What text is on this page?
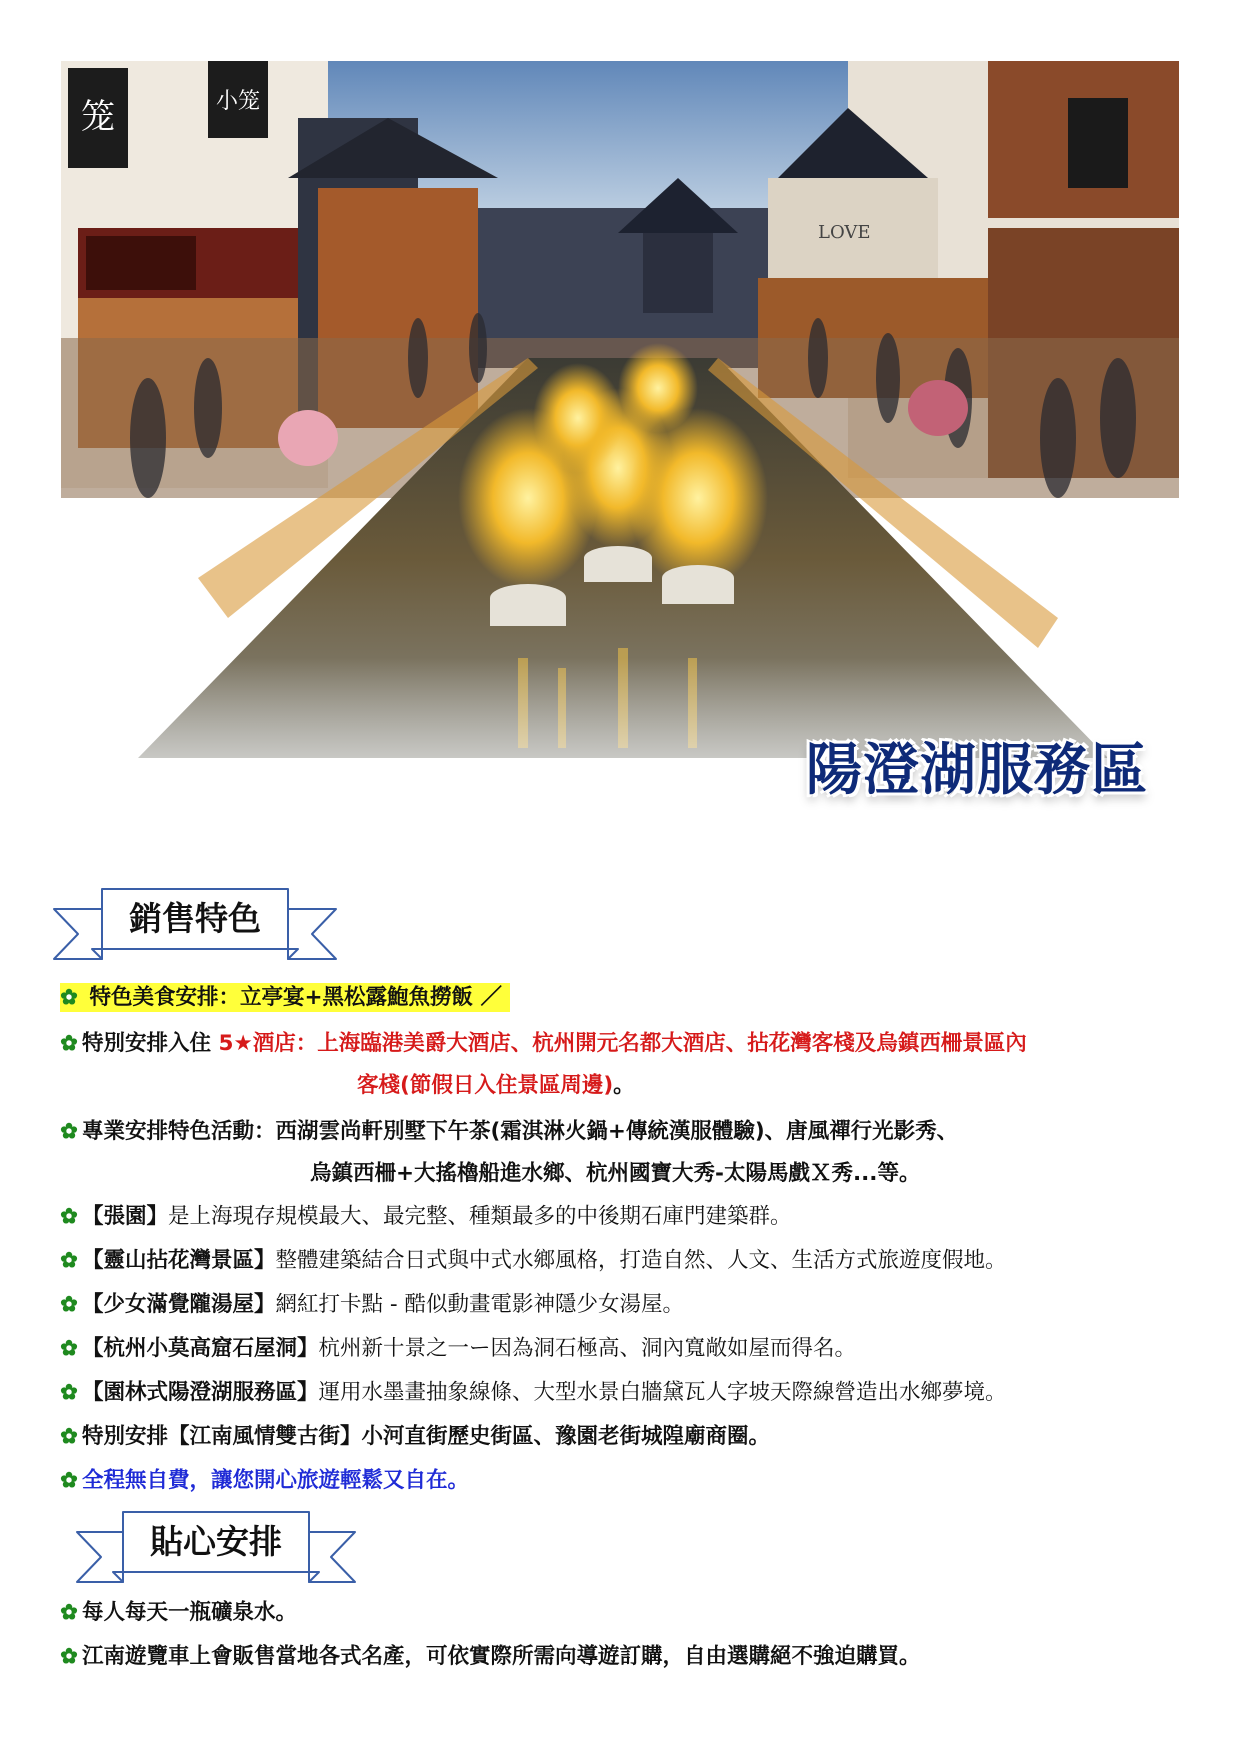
笼	小笼
LOVE
陽澄湖服務區
銷售特色
特色美食安排：立亭宴+黑松露鮑魚撈飯 ／
特別安排入住 5★酒店：上海臨港美爵大酒店、杭州開元名都大酒店、拈花灣客棧及烏鎮西柵景區內
客棧(節假日入住景區周邊)。
專業安排特色活動：西湖雲尚軒別墅下午茶(霜淇淋火鍋+傳統漢服體驗)、唐風禪行光影秀、
烏鎮西柵+大搖櫓船進水鄉、杭州國寶大秀-太陽馬戲Ｘ秀...等。
【張園】是上海現存規模最大、最完整、種類最多的中後期石庫門建築群。
【靈山拈花灣景區】整體建築結合日式與中式水鄉風格，打造自然、人文、生活方式旅遊度假地。
【少女滿覺隴湯屋】網紅打卡點 - 酷似動畫電影神隱少女湯屋。
【杭州小莫高窟石屋洞】杭州新十景之一ー因為洞石極高、洞內寬敞如屋而得名。
【園林式陽澄湖服務區】運用水墨畫抽象線條、大型水景白牆黛瓦人字坡天際線營造出水鄉夢境。
特別安排【江南風情雙古街】小河直街歷史街區、豫園老街城隍廟商圈。
全程無自費，讓您開心旅遊輕鬆又自在。
貼心安排
每人每天一瓶礦泉水。
江南遊覽車上會販售當地各式名產，可依實際所需向導遊訂購，自由選購絕不強迫購買。
